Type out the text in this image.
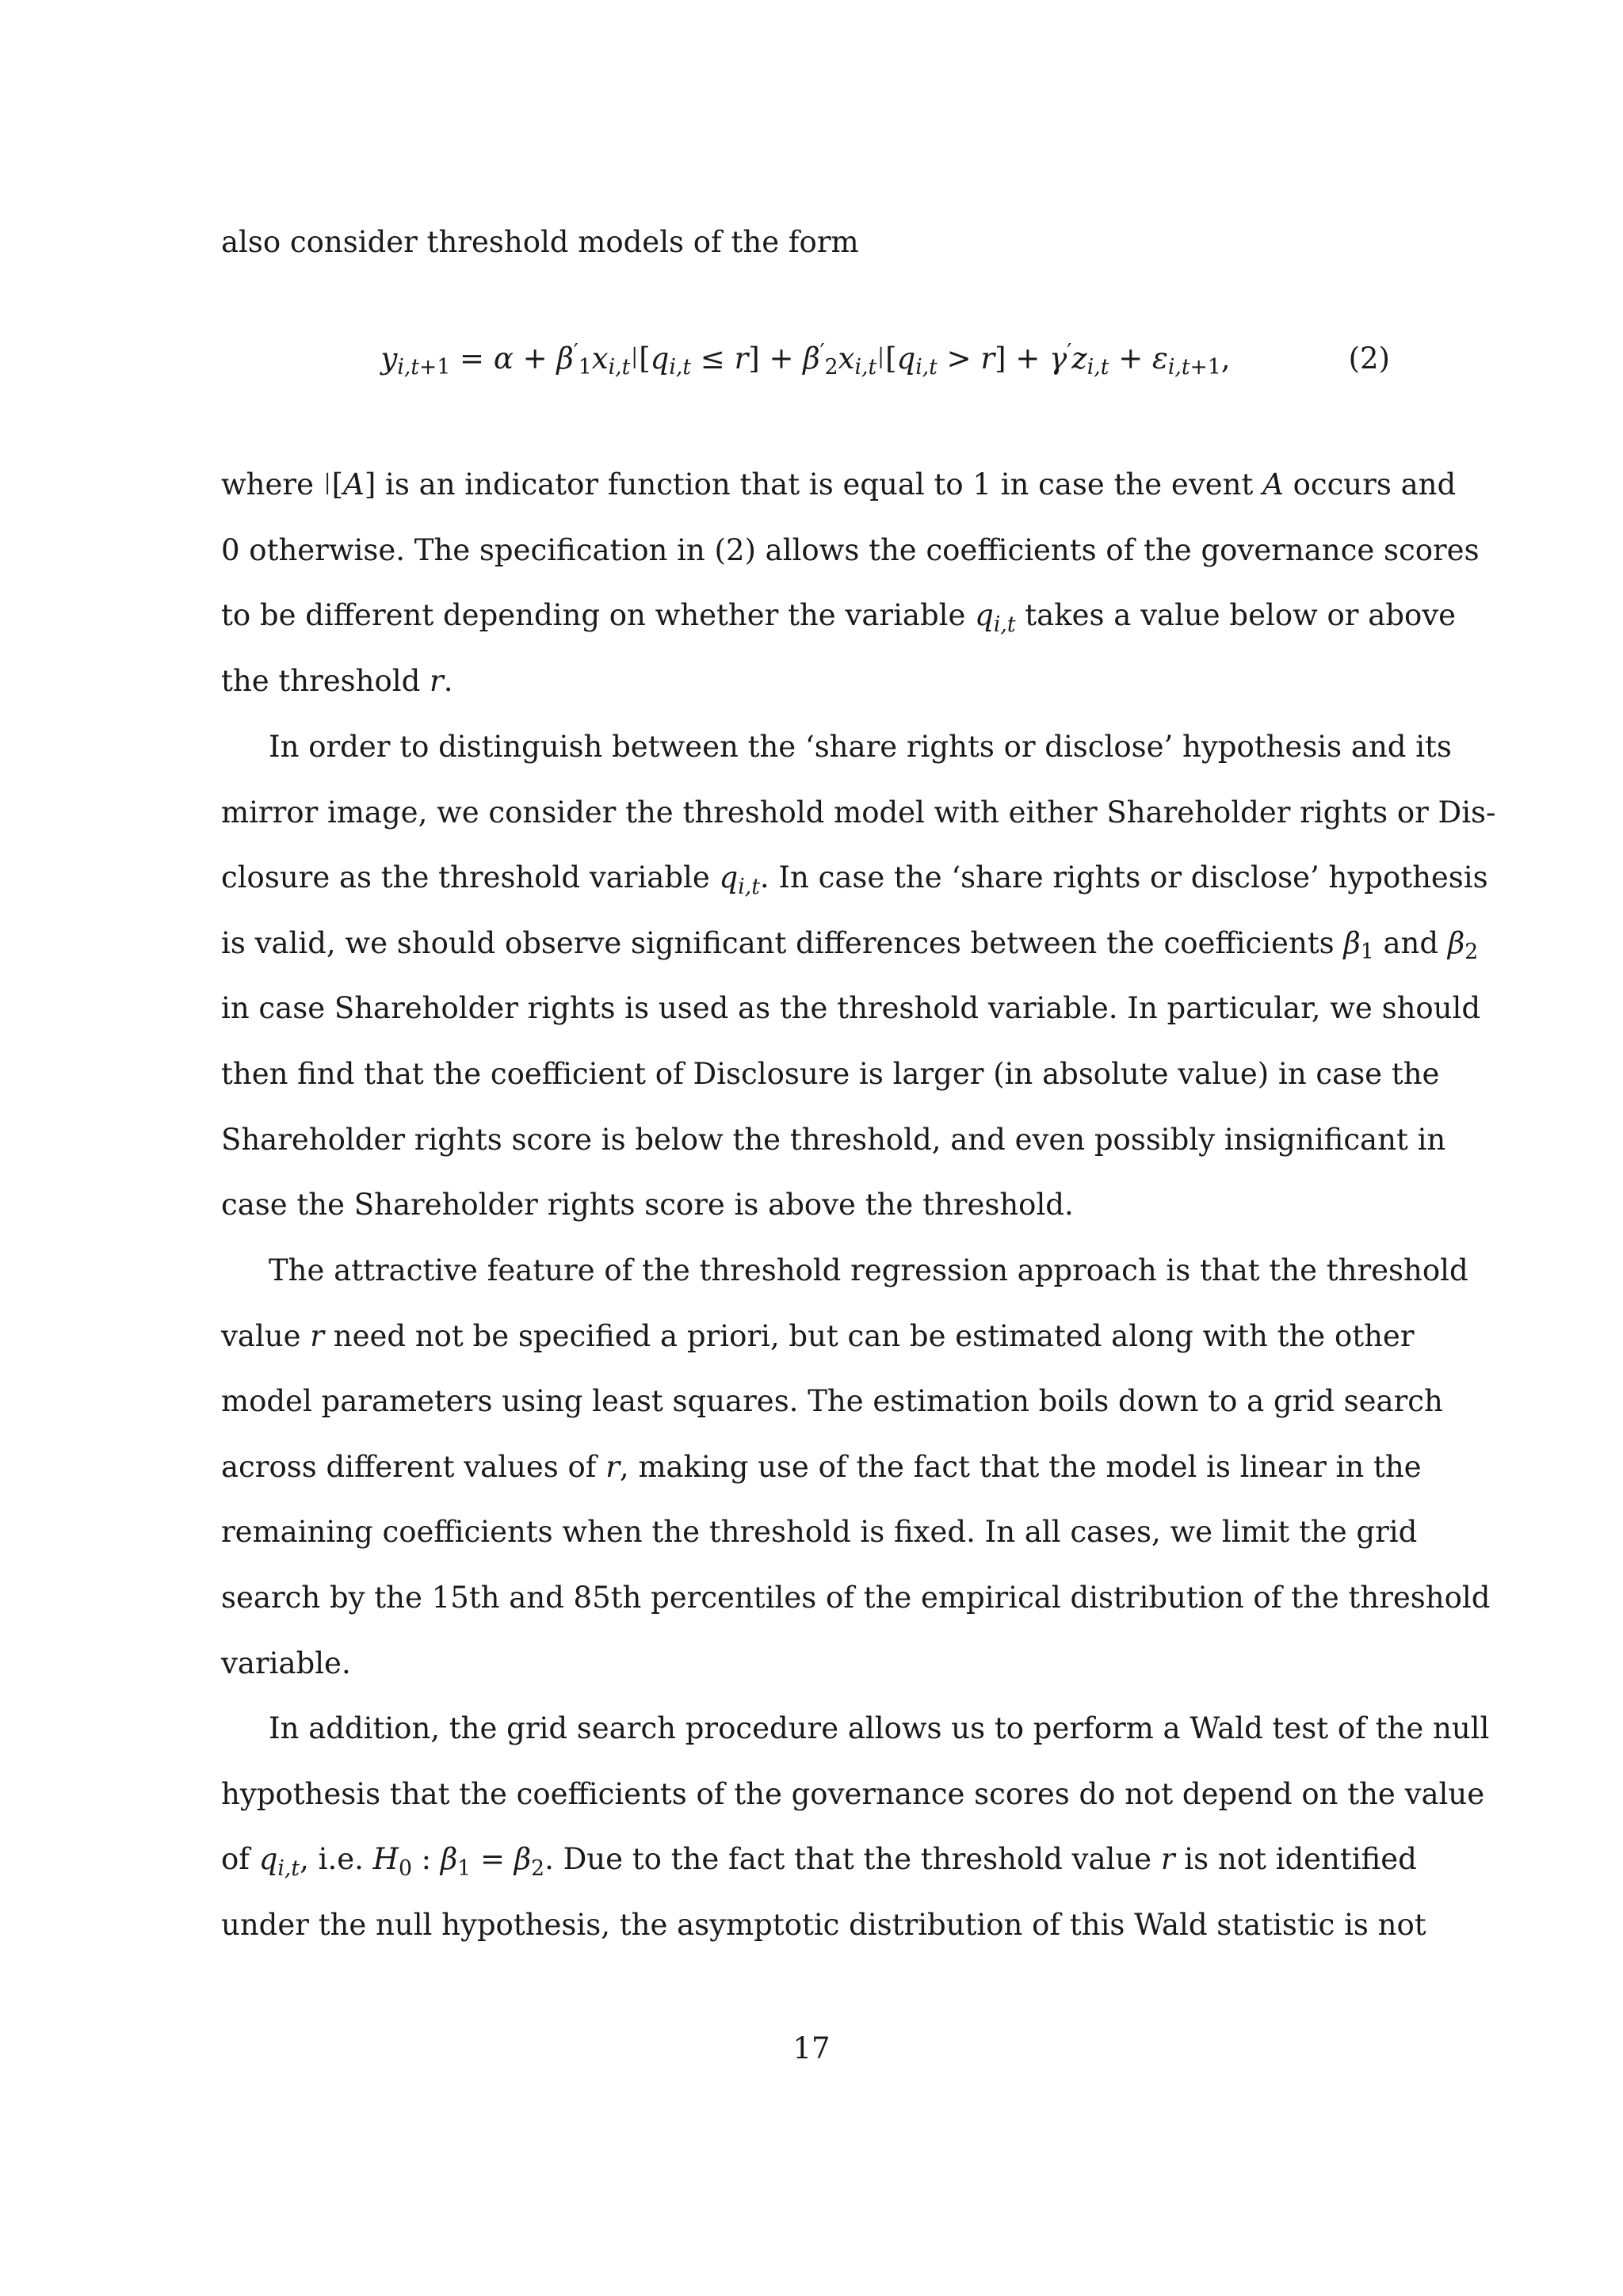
also consider threshold models of the form
$y_{i,t+1} = \alpha + \beta'_1x_{i,t}I[q_{i,t} \le r] + \beta'_2x_{i,t}I[q_{i,t} > r] + \gamma'z_{i,t} + \varepsilon_{i,t+1}$,	(2)
where I[A] is an indicator function that is equal to 1 in case the event A occurs and
0 otherwise. The specification in (2) allows the coefficients of the governance scores
to be different depending on whether the variable $q_{i,t}$ takes a value below or above
the threshold r.
In order to distinguish between the ‘share rights or disclose’ hypothesis and its
mirror image, we consider the threshold model with either Shareholder rights or Dis-
closure as the threshold variable $q_{i,t}$. In case the ‘share rights or disclose’ hypothesis
is valid, we should observe significant differences between the coefficients $\beta_1$ and $\beta_2$
in case Shareholder rights is used as the threshold variable. In particular, we should
then find that the coefficient of Disclosure is larger (in absolute value) in case the
Shareholder rights score is below the threshold, and even possibly insignificant in
case the Shareholder rights score is above the threshold.
The attractive feature of the threshold regression approach is that the threshold
value r need not be specified a priori, but can be estimated along with the other
model parameters using least squares. The estimation boils down to a grid search
across different values of r, making use of the fact that the model is linear in the
remaining coefficients when the threshold is fixed. In all cases, we limit the grid
search by the 15th and 85th percentiles of the empirical distribution of the threshold
variable.
In addition, the grid search procedure allows us to perform a Wald test of the null
hypothesis that the coefficients of the governance scores do not depend on the value
of $q_{i,t}$, i.e. $H_0$ : $\beta_1 = \beta_2$. Due to the fact that the threshold value r is not identified
under the null hypothesis, the asymptotic distribution of this Wald statistic is not
17
